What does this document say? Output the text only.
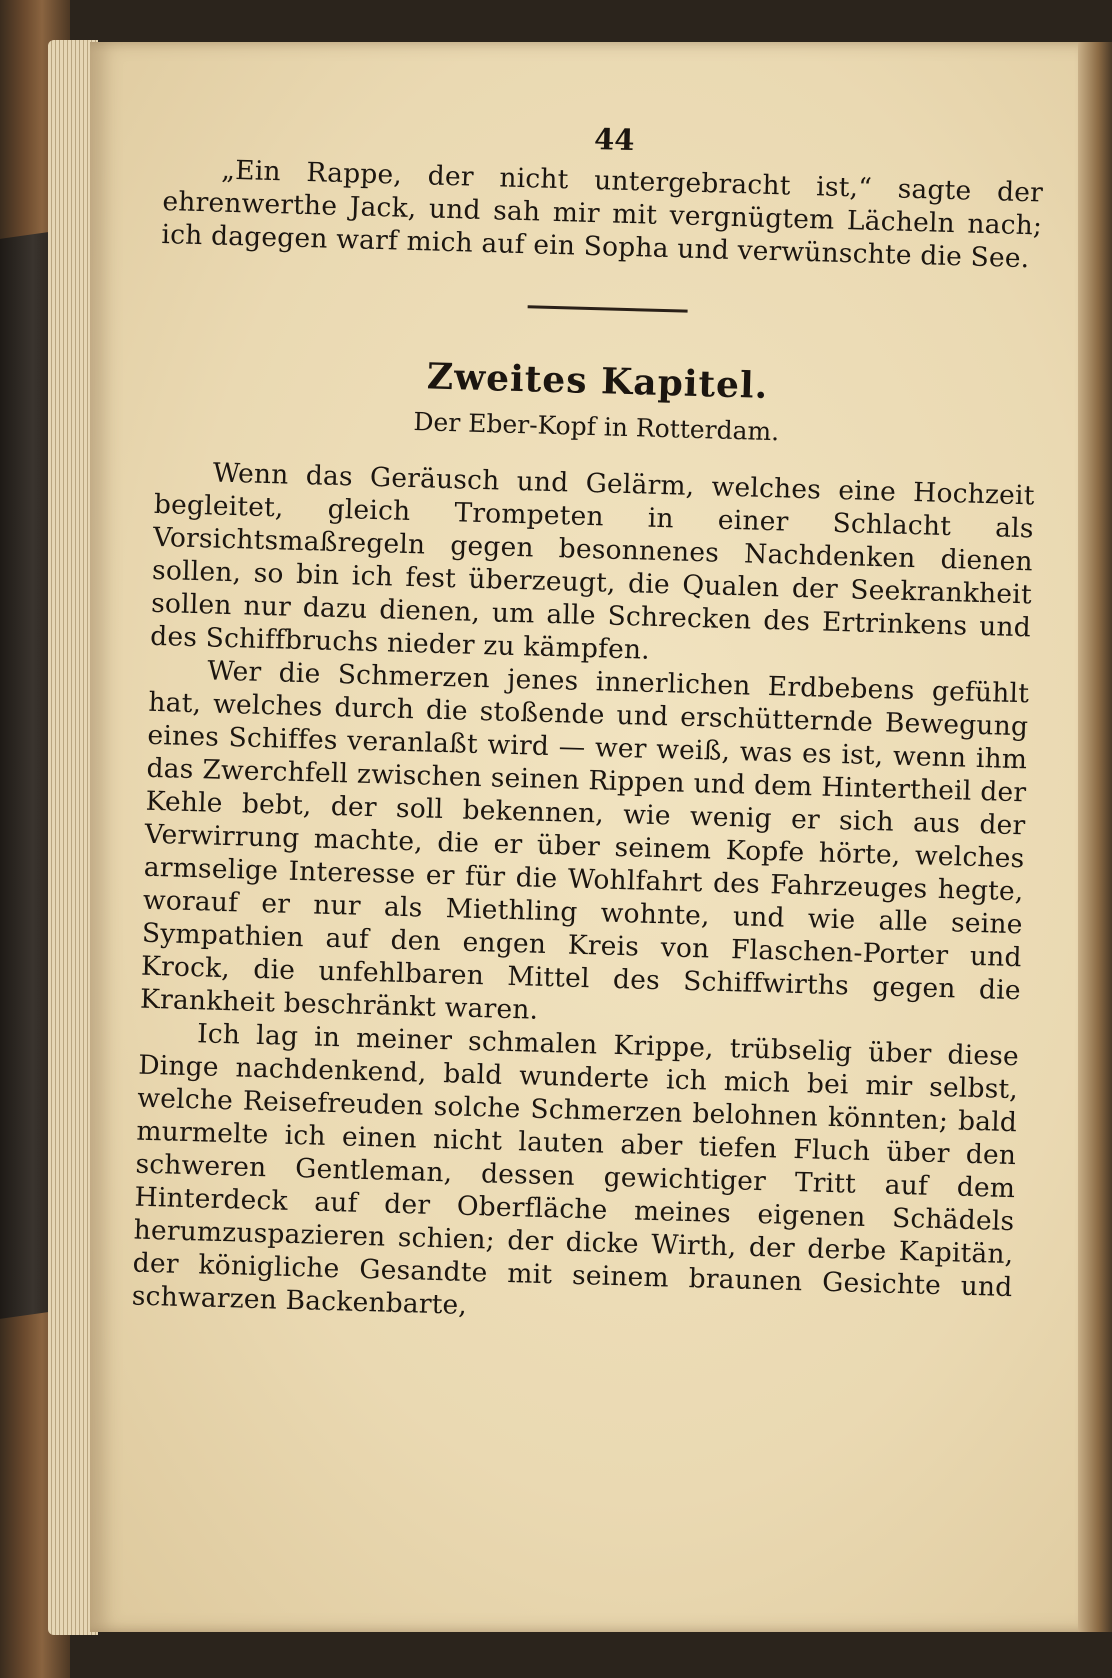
44

„Ein Rappe, der nicht untergebracht ist,“ sagte der ehrenwerthe Jack, und sah mir mit vergnügtem Lächeln nach; ich dagegen warf mich auf ein Sopha und verwünschte die See.

Zweites Kapitel.

Der Eber-Kopf in Rotterdam.

Wenn das Geräusch und Gelärm, welches eine Hochzeit begleitet, gleich Trompeten in einer Schlacht als Vorsichtsmaßregeln gegen besonnenes Nachdenken dienen sollen, so bin ich fest überzeugt, die Qualen der Seekrankheit sollen nur dazu dienen, um alle Schrecken des Ertrinkens und des Schiffbruchs nieder zu kämpfen.

Wer die Schmerzen jenes innerlichen Erdbebens gefühlt hat, welches durch die stoßende und erschütternde Bewegung eines Schiffes veranlaßt wird — wer weiß, was es ist, wenn ihm das Zwerchfell zwischen seinen Rippen und dem Hintertheil der Kehle bebt, der soll bekennen, wie wenig er sich aus der Verwirrung machte, die er über seinem Kopfe hörte, welches armselige Interesse er für die Wohlfahrt des Fahrzeuges hegte, worauf er nur als Miethling wohnte, und wie alle seine Sympathien auf den engen Kreis von Flaschen-Porter und Krock, die unfehlbaren Mittel des Schiffwirths gegen die Krankheit beschränkt waren.

Ich lag in meiner schmalen Krippe, trübselig über diese Dinge nachdenkend, bald wunderte ich mich bei mir selbst, welche Reisefreuden solche Schmerzen belohnen könnten; bald murmelte ich einen nicht lauten aber tiefen Fluch über den schweren Gentleman, dessen gewichtiger Tritt auf dem Hinterdeck auf der Oberfläche meines eigenen Schädels herumzuspazieren schien; der dicke Wirth, der derbe Kapitän, der königliche Gesandte mit seinem braunen Gesichte und schwarzen Backenbarte,
